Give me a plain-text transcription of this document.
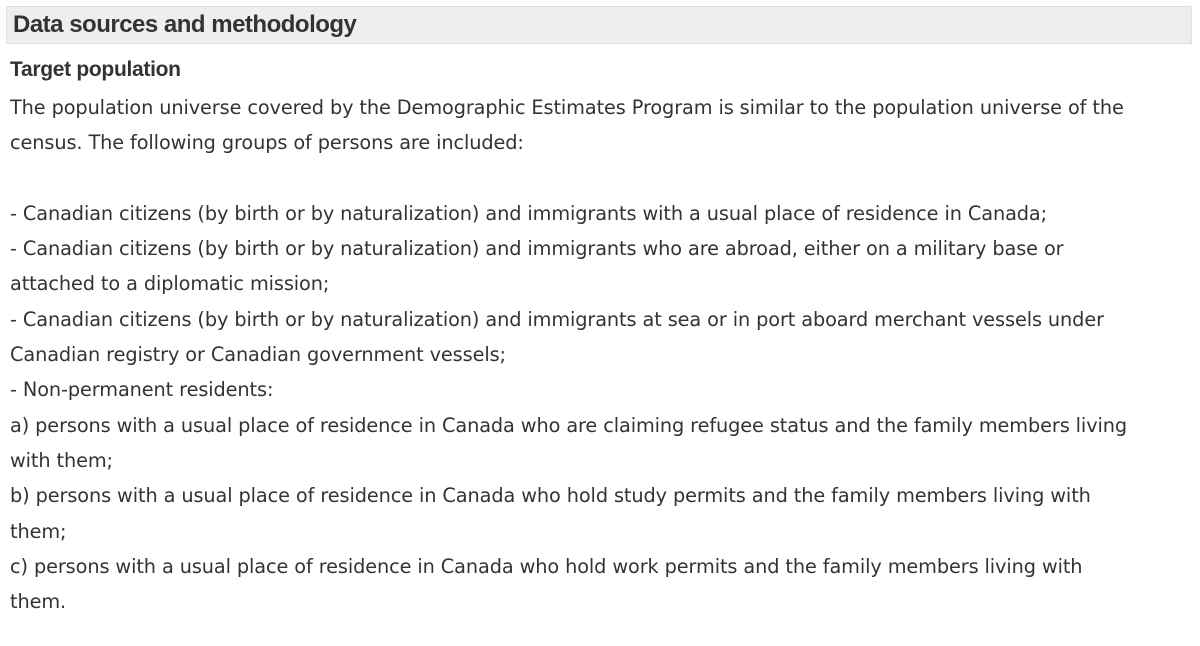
Data sources and methodology
Target population
The population universe covered by the Demographic Estimates Program is similar to the population universe of the
census. The following groups of persons are included:
- Canadian citizens (by birth or by naturalization) and immigrants with a usual place of residence in Canada;
- Canadian citizens (by birth or by naturalization) and immigrants who are abroad, either on a military base or
attached to a diplomatic mission;
- Canadian citizens (by birth or by naturalization) and immigrants at sea or in port aboard merchant vessels under
Canadian registry or Canadian government vessels;
- Non-permanent residents:
a) persons with a usual place of residence in Canada who are claiming refugee status and the family members living
with them;
b) persons with a usual place of residence in Canada who hold study permits and the family members living with
them;
c) persons with a usual place of residence in Canada who hold work permits and the family members living with
them.
